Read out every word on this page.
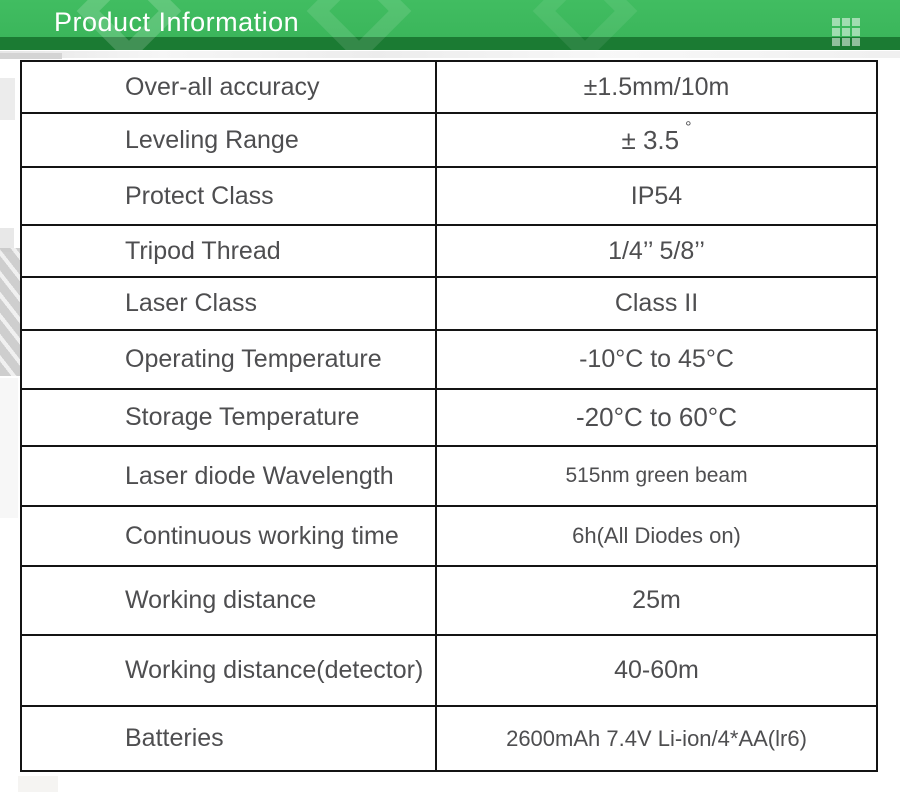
Product Information
Over-all accuracy	±1.5mm/10m
Leveling Range	± 3.5 °
Protect Class	IP54
Tripod Thread	1/4’’ 5/8’’
Laser Class	Class II
Operating Temperature	-10°C to 45°C
Storage Temperature	-20°C to 60°C
Laser diode Wavelength	515nm green beam
Continuous working time	6h(All Diodes on)
Working distance	25m
Working distance(detector)	40-60m
Batteries	2600mAh 7.4V Li-ion/4*AA(lr6)
